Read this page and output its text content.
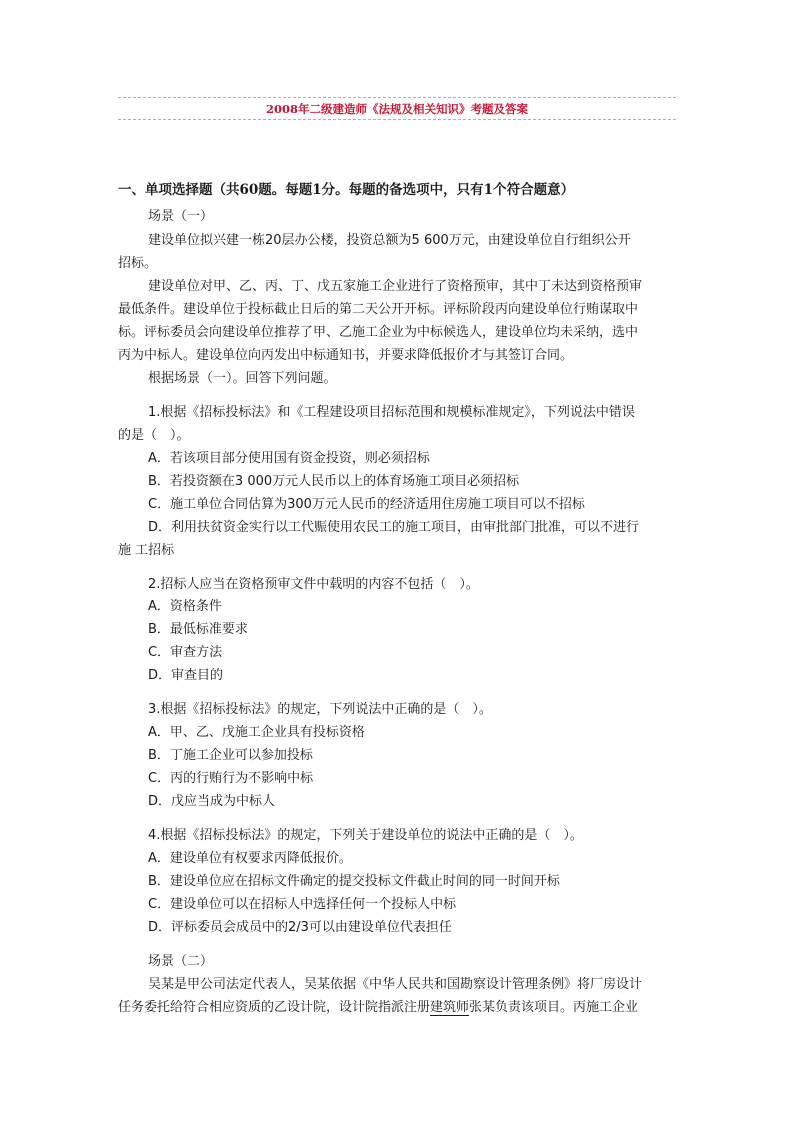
2008年二级建造师《法规及相关知识》考题及答案
一、单项选择题（共60题。每题1分。每题的备选项中，只有1个符合题意）
场景（一）
建设单位拟兴建一栋20层办公楼，投资总额为5 600万元，由建设单位自行组织公开
招标。
建设单位对甲、乙、丙、丁、戊五家施工企业进行了资格预审，其中丁未达到资格预审
最低条件。建设单位于投标截止日后的第二天公开开标。评标阶段丙向建设单位行贿谋取中
标。评标委员会向建设单位推荐了甲、乙施工企业为中标候选人，建设单位均未采纳，选中
丙为中标人。建设单位向丙发出中标通知书，并要求降低报价才与其签订合同。
根据场景（一）。回答下列问题。
1.根据《招标投标法》和《工程建设项目招标范围和规模标准规定》，下列说法中错误
的是（　）。
A．若该项目部分使用国有资金投资，则必须招标
B．若投资额在3 000万元人民币以上的体育场施工项目必须招标
C．施工单位合同估算为300万元人民币的经济适用住房施工项目可以不招标
D．利用扶贫资金实行以工代赈使用农民工的施工项目，由审批部门批准，可以不进行
施 工招标
2.招标人应当在资格预审文件中载明的内容不包括（　）。
A．资格条件
B．最低标准要求
C．审查方法
D．审查目的
3.根据《招标投标法》的规定，下列说法中正确的是（　）。
A．甲、乙、戊施工企业具有投标资格
B．丁施工企业可以参加投标
C．丙的行贿行为不影响中标
D．戊应当成为中标人
4.根据《招标投标法》的规定，下列关于建设单位的说法中正确的是（　）。
A．建设单位有权要求丙降低报价。
B．建设单位应在招标文件确定的提交投标文件截止时间的同一时间开标
C．建设单位可以在招标人中选择任何一个投标人中标
D．评标委员会成员中的2/3可以由建设单位代表担任
场景（二）
吴某是甲公司法定代表人，吴某依据《中华人民共和国勘察设计管理条例》将厂房设计
任务委托给符合相应资质的乙设计院，设计院指派注册建筑师张某负责该项目。丙施工企业
